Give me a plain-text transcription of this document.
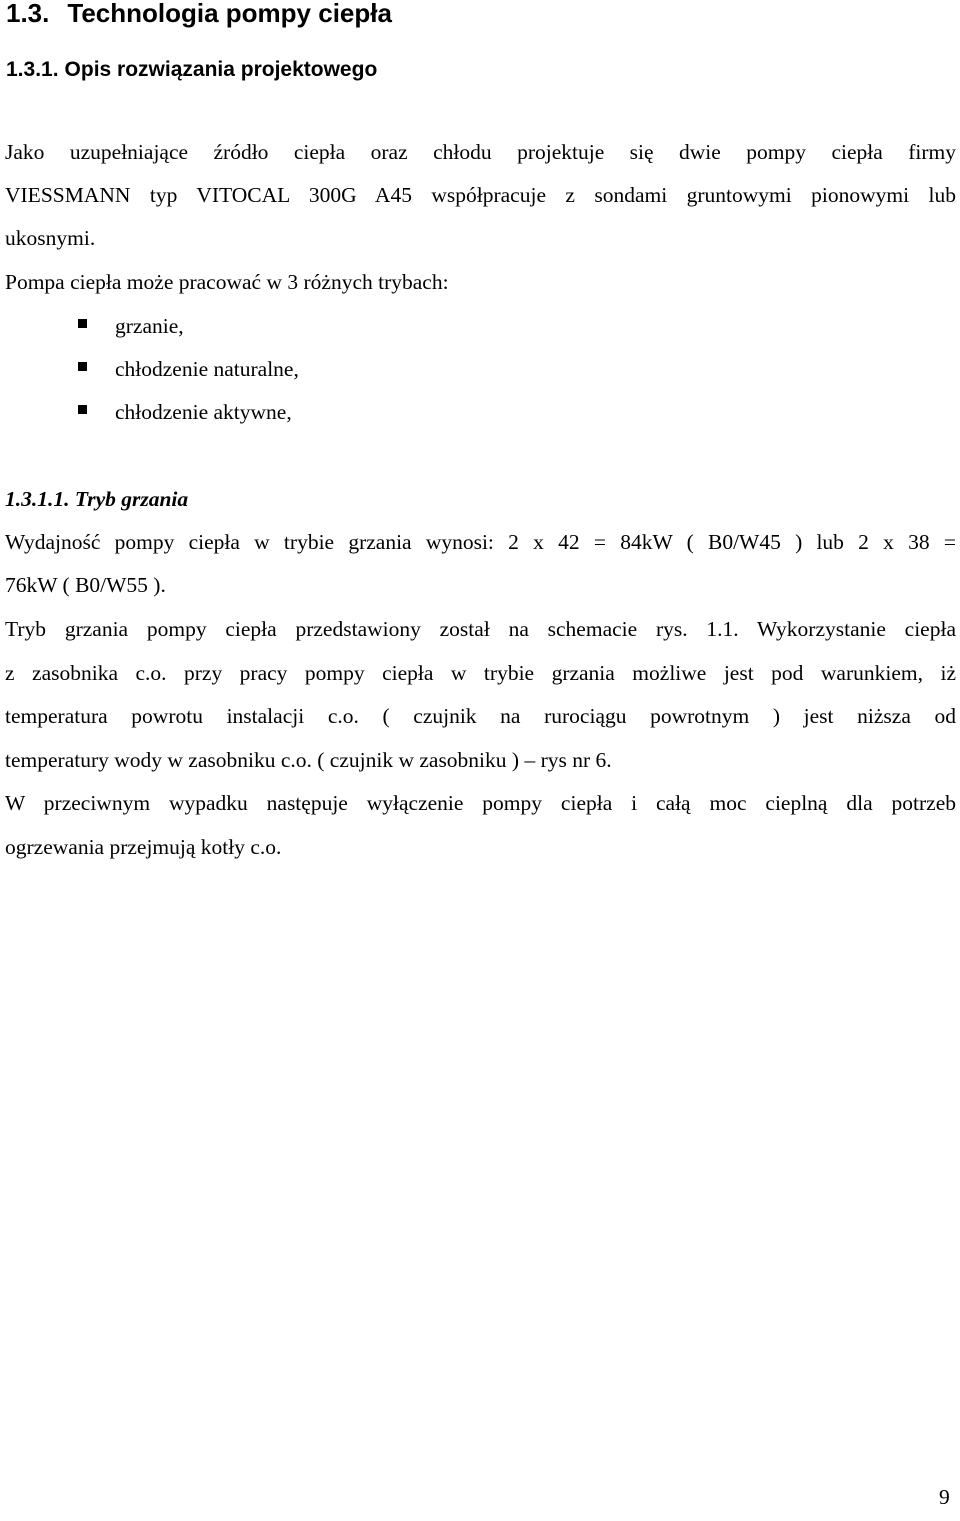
1.3. Technologia pompy ciepła
1.3.1. Opis rozwiązania projektowego
Jako uzupełniające źródło ciepła oraz chłodu projektuje się dwie pompy ciepła firmy
VIESSMANN typ VITOCAL 300G A45 współpracuje z sondami gruntowymi pionowymi lub
ukosnymi.
Pompa ciepła może pracować w 3 różnych trybach:
grzanie,
chłodzenie naturalne,
chłodzenie aktywne,
1.3.1.1. Tryb grzania
Wydajność pompy ciepła w trybie grzania wynosi: 2 x 42 = 84kW ( B0/W45 ) lub 2 x 38 =
76kW ( B0/W55 ).
Tryb grzania pompy ciepła przedstawiony został na schemacie rys. 1.1. Wykorzystanie ciepła
z zasobnika c.o. przy pracy pompy ciepła w trybie grzania możliwe jest pod warunkiem, iż
temperatura powrotu instalacji c.o. ( czujnik na rurociągu powrotnym ) jest niższa od
temperatury wody w zasobniku c.o. ( czujnik w zasobniku ) – rys nr 6.
W przeciwnym wypadku następuje wyłączenie pompy ciepła i całą moc cieplną dla potrzeb
ogrzewania przejmują kotły c.o.
9
